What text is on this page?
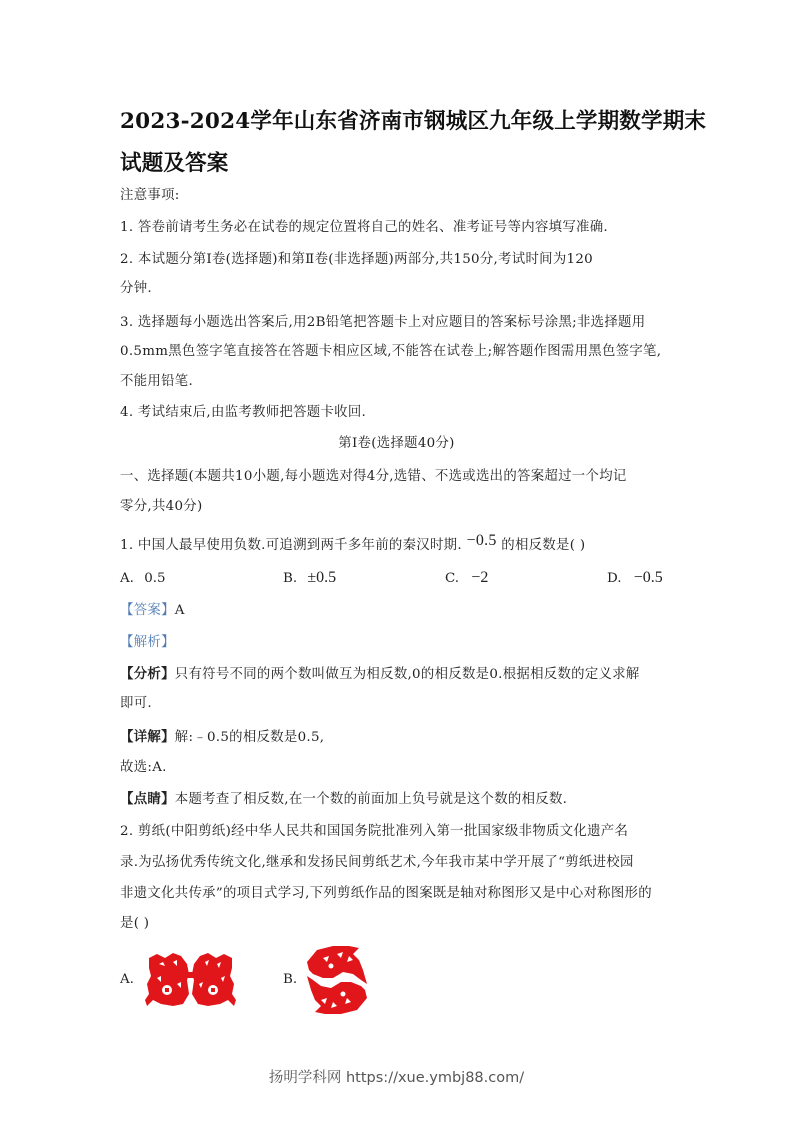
2023-2024学年山东省济南市钢城区九年级上学期数学期末
试题及答案
注意事项:
1. 答卷前请考生务必在试卷的规定位置将自己的姓名、准考证号等内容填写准确.
2. 本试题分第Ⅰ卷(选择题)和第Ⅱ卷(非选择题)两部分,共150分,考试时间为120
分钟.
3. 选择题每小题选出答案后,用2B铅笔把答题卡上对应题目的答案标号涂黑;非选择题用
0.5mm黑色签字笔直接答在答题卡相应区域,不能答在试卷上;解答题作图需用黑色签字笔,
不能用铅笔.
4. 考试结束后,由监考教师把答题卡收回.
第Ⅰ卷(选择题40分)
一、选择题(本题共10小题,每小题选对得4分,选错、不选或选出的答案超过一个均记
零分,共40分)
1. 中国人最早使用负数.可追溯到两千多年前的秦汉时期. −0.5 的相反数是( )
A. 0.5	B. ±0.5	C. −2	D. −0.5
【答案】A
【解析】
【分析】只有符号不同的两个数叫做互为相反数,0的相反数是0.根据相反数的定义求解
即可.
【详解】解:﹣0.5的相反数是0.5,
故选:A.
【点睛】本题考查了相反数,在一个数的前面加上负号就是这个数的相反数.
2. 剪纸(中阳剪纸)经中华人民共和国国务院批准列入第一批国家级非物质文化遗产名
录.为弘扬优秀传统文化,继承和发扬民间剪纸艺术,今年我市某中学开展了“剪纸进校园
非遗文化共传承”的项目式学习,下列剪纸作品的图案既是轴对称图形又是中心对称图形的
是( )
A.	B.
扬明学科网 https://xue.ymbj88.com/
